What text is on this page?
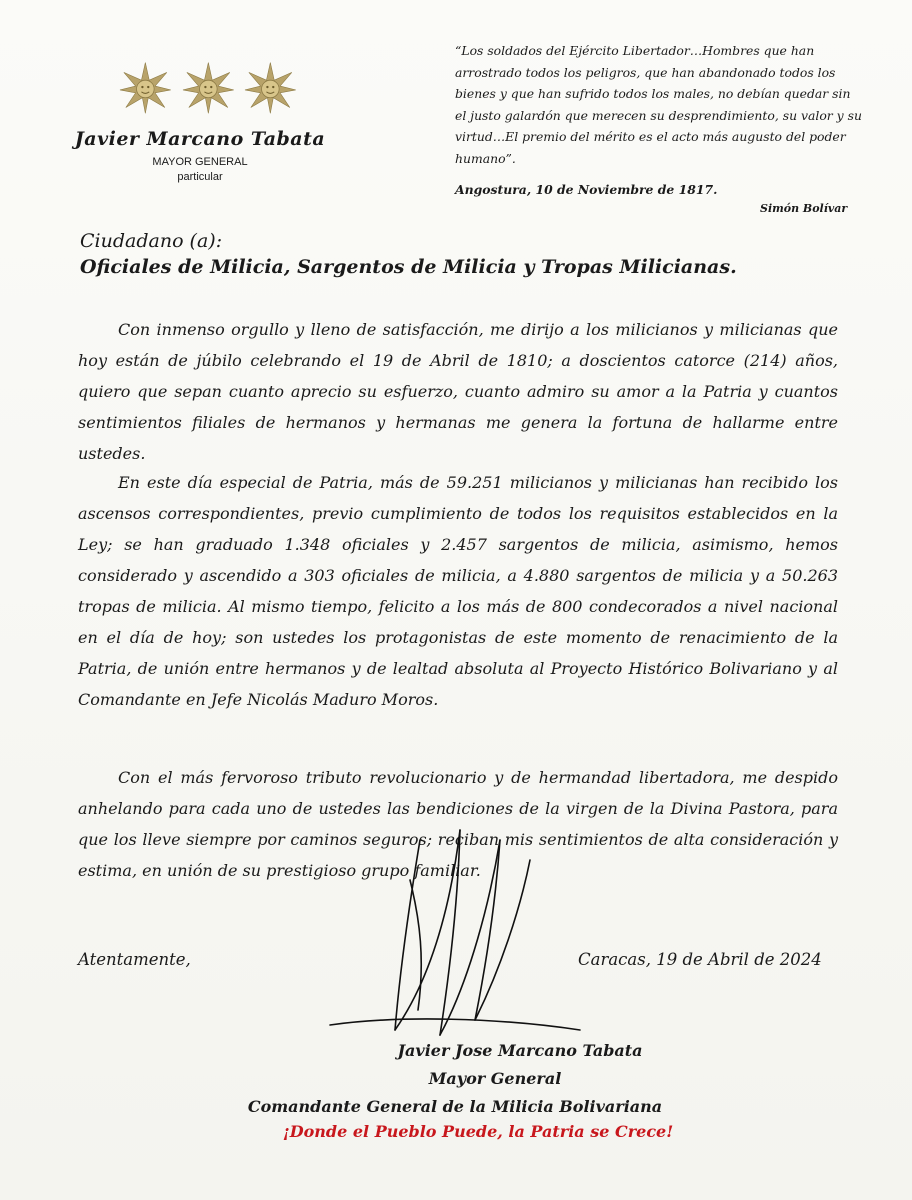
Javier Marcano Tabata
MAYOR GENERAL
particular
“Los soldados del Ejército Libertador…Hombres que han arrostrado todos los peligros, que han abandonado todos los bienes y que han sufrido todos los males, no debían quedar sin el justo galardón que merecen su desprendimiento, su valor y su virtud…El premio del mérito es el acto más augusto del poder humano”.
Angostura, 10 de Noviembre de 1817.
Simón Bolívar
Ciudadano (a):
Oficiales de Milicia, Sargentos de Milicia y Tropas Milicianas.
Con inmenso orgullo y lleno de satisfacción, me dirijo a los milicianos y milicianas que hoy están de júbilo celebrando el 19 de Abril de 1810; a doscientos catorce (214) años, quiero que sepan cuanto aprecio su esfuerzo, cuanto admiro su amor a la Patria y cuantos sentimientos filiales de hermanos y hermanas me genera la fortuna de hallarme entre ustedes.
En este día especial de Patria, más de 59.251 milicianos y milicianas han recibido los ascensos correspondientes, previo cumplimiento de todos los requisitos establecidos en la Ley; se han graduado 1.348 oficiales y 2.457 sargentos de milicia, asimismo, hemos considerado y ascendido a 303 oficiales de milicia, a 4.880 sargentos de milicia y a 50.263 tropas de milicia. Al mismo tiempo, felicito a los más de 800 condecorados a nivel nacional en el día de hoy; son ustedes los protagonistas de este momento de renacimiento de la Patria, de unión entre hermanos y de lealtad absoluta al Proyecto Histórico Bolivariano y al Comandante en Jefe Nicolás Maduro Moros.
Con el más fervoroso tributo revolucionario y de hermandad libertadora, me despido anhelando para cada uno de ustedes las bendiciones de la virgen de la Divina Pastora, para que los lleve siempre por caminos seguros; reciban mis sentimientos de alta consideración y estima, en unión de su prestigioso grupo familiar.
Atentamente,	Caracas, 19 de Abril de 2024
Javier Jose Marcano Tabata
Mayor General
Comandante General de la Milicia Bolivariana
¡Donde el Pueblo Puede, la Patria se Crece!
